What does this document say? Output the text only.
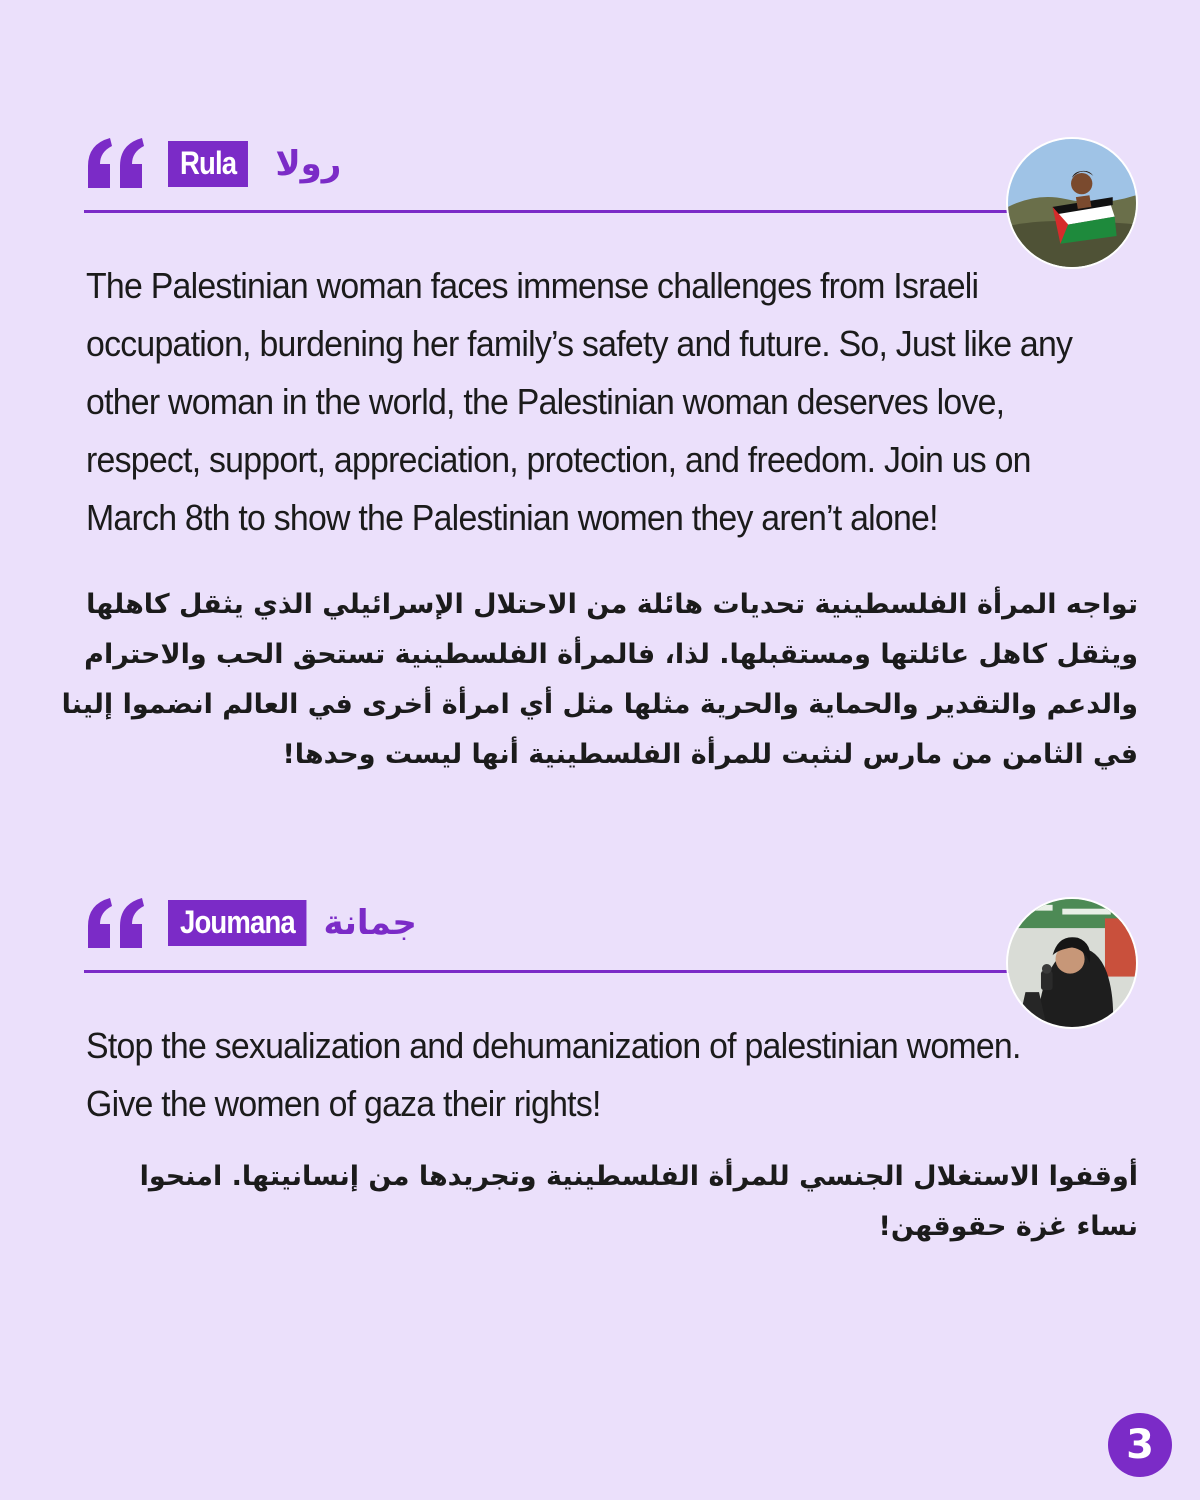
Rula	رولا

The Palestinian woman faces immense challenges from Israeli occupation, burdening her family’s safety and future. So, Just like any other woman in the world, the Palestinian woman deserves love, respect, support, appreciation, protection, and freedom. Join us on March 8th to show the Palestinian women they aren’t alone!

تواجه المرأة الفلسطينية تحديات هائلة من الاحتلال الإسرائيلي الذي يثقل كاهلها ويثقل كاهل عائلتها ومستقبلها. لذا، فالمرأة الفلسطينية تستحق الحب والاحترام والدعم والتقدير والحماية والحرية مثلها مثل أي امرأة أخرى في العالم انضموا إلينا في الثامن من مارس لنثبت للمرأة الفلسطينية أنها ليست وحدها!

Joumana جمانة

Stop the sexualization and dehumanization of palestinian women. Give the women of gaza their rights!

أوقفوا الاستغلال الجنسي للمرأة الفلسطينية وتجريدها من إنسانيتها. امنحوا نساء غزة حقوقهن!

3
